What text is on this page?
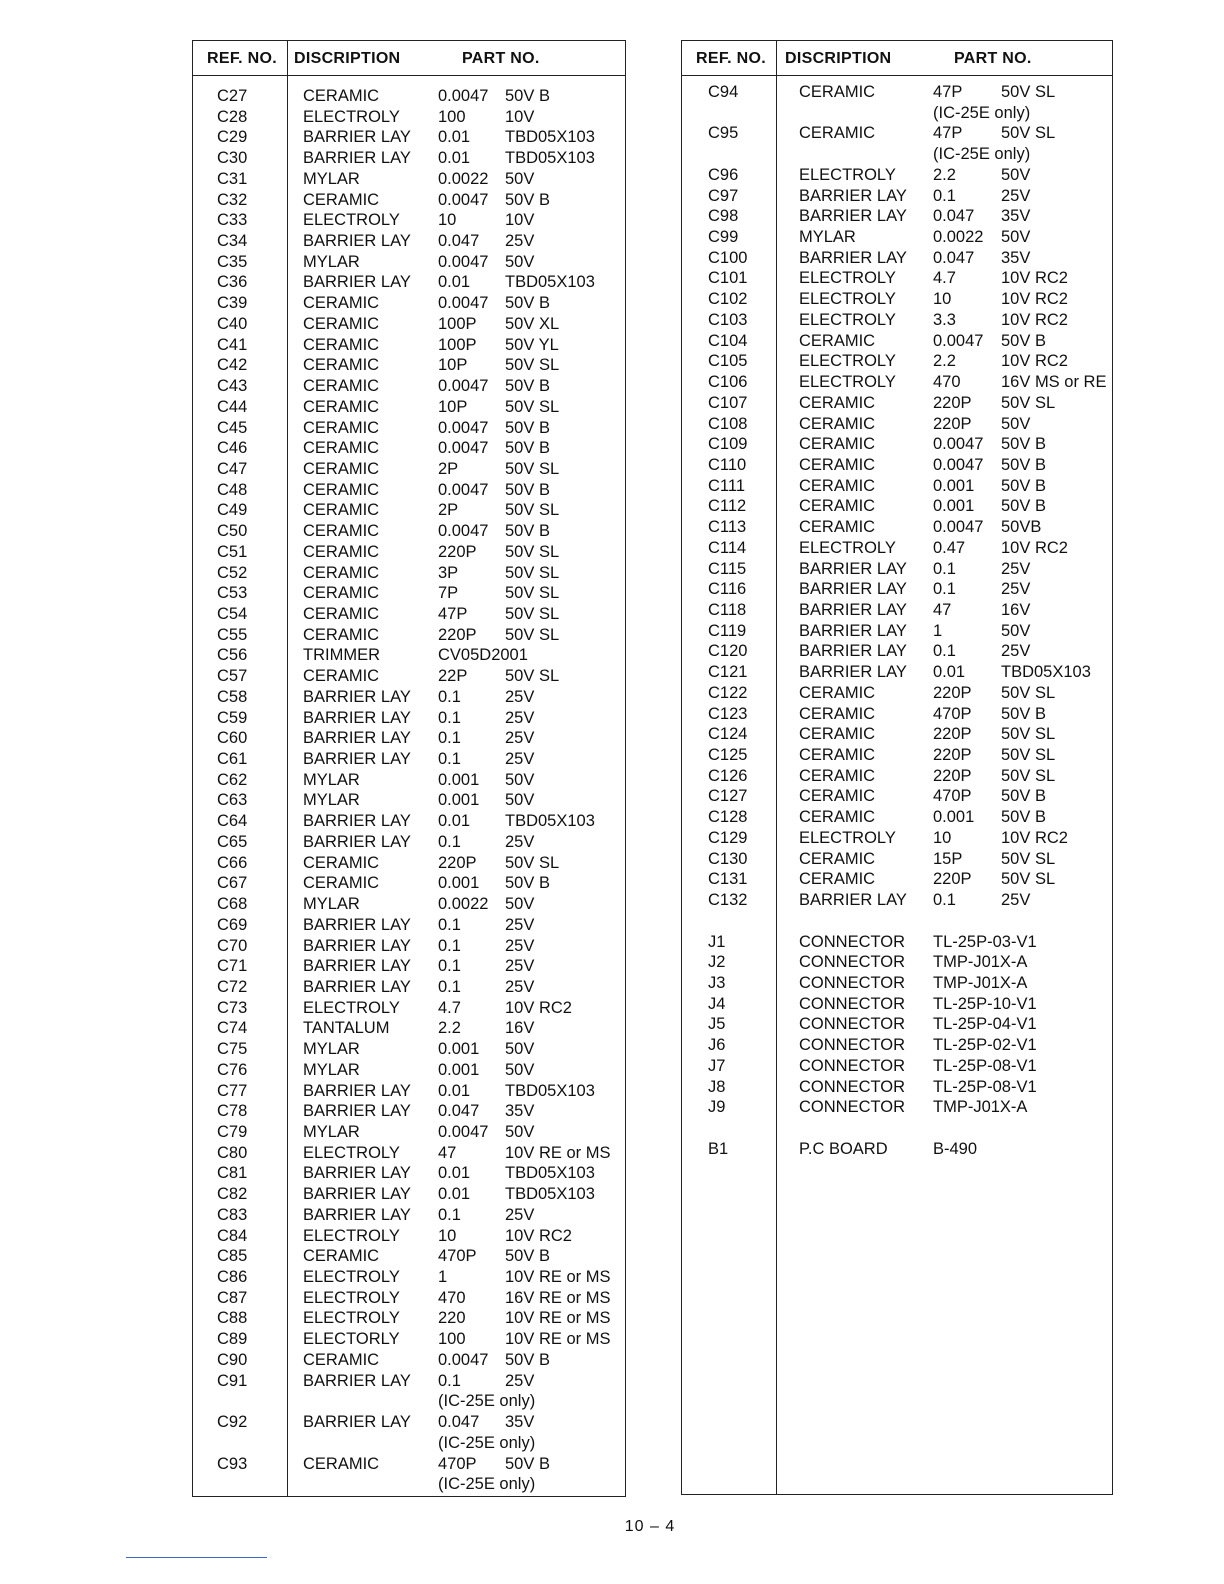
REF. NO. DISCRIPTION	PART NO.
C27	CERAMIC	0.0047 50V B
C28	ELECTROLY 100 10V
C29	BARRIER LAY 0.01 TBD05X103
C30	BARRIER LAY 0.01 TBD05X103
C31	MYLAR	0.0022 50V
C32	CERAMIC	0.0047 50V B
C33	ELECTROLY 10	10V
C34	BARRIER LAY 0.047 25V
C35	MYLAR	0.0047 50V
C36	BARRIER LAY 0.01 TBD05X103
C39	CERAMIC	0.0047 50V B
C40	CERAMIC	100P 50V XL
C41	CERAMIC	100P 50V YL
C42	CERAMIC	10P 50V SL
C43	CERAMIC	0.0047 50V B
C44	CERAMIC	10P 50V SL
C45	CERAMIC	0.0047 50V B
C46	CERAMIC	0.0047 50V B
C47	CERAMIC	2P	50V SL
C48	CERAMIC	0.0047 50V B
C49	CERAMIC	2P	50V SL
C50	CERAMIC	0.0047 50V B
C51	CERAMIC	220P 50V SL
C52	CERAMIC	3P	50V SL
C53	CERAMIC	7P	50V SL
C54	CERAMIC	47P 50V SL
C55	CERAMIC	220P 50V SL
C56	TRIMMER	CV05D2001
C57	CERAMIC	22P 50V SL
C58	BARRIER LAY 0.1	25V
C59	BARRIER LAY 0.1	25V
C60	BARRIER LAY 0.1	25V
C61	BARRIER LAY 0.1	25V
C62	MYLAR	0.001 50V
C63	MYLAR	0.001 50V
C64	BARRIER LAY 0.01 TBD05X103
C65	BARRIER LAY 0.1	25V
C66	CERAMIC	220P 50V SL
C67	CERAMIC	0.001 50V B
C68	MYLAR	0.0022 50V
C69	BARRIER LAY 0.1	25V
C70	BARRIER LAY 0.1	25V
C71	BARRIER LAY 0.1	25V
C72	BARRIER LAY 0.1	25V
C73	ELECTROLY 4.7	10V RC2
C74	TANTALUM	2.2	16V
C75	MYLAR	0.001 50V
C76	MYLAR	0.001 50V
C77	BARRIER LAY 0.01 TBD05X103
C78	BARRIER LAY 0.047 35V
C79	MYLAR	0.0047 50V
C80	ELECTROLY 47	10V RE or MS
C81	BARRIER LAY 0.01 TBD05X103
C82	BARRIER LAY 0.01 TBD05X103
C83	BARRIER LAY 0.1	25V
C84	ELECTROLY 10	10V RC2
C85	CERAMIC	470P 50V B
C86	ELECTROLY 1	10V RE or MS
C87	ELECTROLY 470 16V RE or MS
C88	ELECTROLY 220 10V RE or MS
C89	ELECTORLY 100 10V RE or MS
C90	CERAMIC	0.0047 50V B
C91	BARRIER LAY 0.1	25V
(IC-25E only)
C92	BARRIER LAY 0.047 35V
(IC-25E only)
C93	CERAMIC	470P 50V B
(IC-25E only)
REF. NO. DISCRIPTION	PART NO.
C94	CERAMIC	47P 50V SL
(IC-25E only)
C95	CERAMIC	47P 50V SL
(IC-25E only)
C96	ELECTROLY 2.2	50V
C97	BARRIER LAY 0.1	25V
C98	BARRIER LAY 0.047 35V
C99	MYLAR	0.0022 50V
C100	BARRIER LAY 0.047 35V
C101	ELECTROLY 4.7	10V RC2
C102	ELECTROLY 10	10V RC2
C103	ELECTROLY 3.3	10V RC2
C104	CERAMIC	0.0047 50V B
C105	ELECTROLY 2.2	10V RC2
C106	ELECTROLY 470 16V MS or RE
C107	CERAMIC	220P 50V SL
C108	CERAMIC	220P 50V
C109	CERAMIC	0.0047 50V B
C110	CERAMIC	0.0047 50V B
C111	CERAMIC	0.001 50V B
C112	CERAMIC	0.001 50V B
C113	CERAMIC	0.0047 50VB
C114	ELECTROLY 0.47 10V RC2
C115	BARRIER LAY 0.1	25V
C116	BARRIER LAY 0.1	25V
C118	BARRIER LAY 47	16V
C119	BARRIER LAY 1	50V
C120	BARRIER LAY 0.1	25V
C121	BARRIER LAY 0.01 TBD05X103
C122	CERAMIC	220P 50V SL
C123	CERAMIC	470P 50V B
C124	CERAMIC	220P 50V SL
C125	CERAMIC	220P 50V SL
C126	CERAMIC	220P 50V SL
C127	CERAMIC	470P 50V B
C128	CERAMIC	0.001 50V B
C129	ELECTROLY 10	10V RC2
C130	CERAMIC	15P 50V SL
C131	CERAMIC	220P 50V SL
C132	BARRIER LAY 0.1	25V
J1	CONNECTOR TL-25P-03-V1
J2	CONNECTOR TMP-J01X-A
J3	CONNECTOR TMP-J01X-A
J4	CONNECTOR TL-25P-10-V1
J5	CONNECTOR TL-25P-04-V1
J6	CONNECTOR TL-25P-02-V1
J7	CONNECTOR TL-25P-08-V1
J8	CONNECTOR TL-25P-08-V1
J9	CONNECTOR TMP-J01X-A
B1	P.C BOARD	B-490
10 – 4
